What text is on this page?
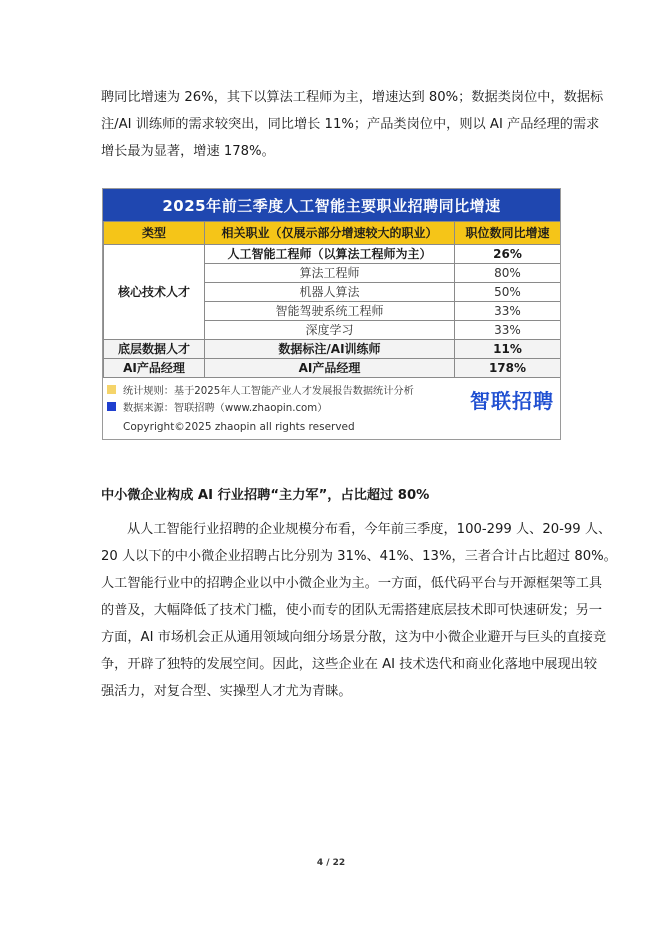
聘同比增速为 26%，其下以算法工程师为主，增速达到 80%；数据类岗位中，数据标
注/AI 训练师的需求较突出，同比增长 11%；产品类岗位中，则以 AI 产品经理的需求
增长最为显著，增速 178%。
2025年前三季度人工智能主要职业招聘同比增速
类型	相关职业（仅展示部分增速较大的职业）	职位数同比增速
核心技术人才	人工智能工程师（以算法工程师为主）	26%
	算法工程师	80%
	机器人算法	50%
	智能驾驶系统工程师	33%
	深度学习	33%
底层数据人才	数据标注/AI训练师	11%
AI产品经理	AI产品经理	178%
统计规则：基于2025年人工智能产业人才发展报告数据统计分析
数据来源：智联招聘（www.zhaopin.com）	智联招聘
Copyright©2025 zhaopin all rights reserved
中小微企业构成 AI 行业招聘“主力军”，占比超过 80%
从人工智能行业招聘的企业规模分布看，今年前三季度，100-299 人、20-99 人、
20 人以下的中小微企业招聘占比分别为 31%、41%、13%，三者合计占比超过 80%。
人工智能行业中的招聘企业以中小微企业为主。一方面，低代码平台与开源框架等工具
的普及，大幅降低了技术门槛，使小而专的团队无需搭建底层技术即可快速研发；另一
方面，AI 市场机会正从通用领域向细分场景分散，这为中小微企业避开与巨头的直接竞
争，开辟了独特的发展空间。因此，这些企业在 AI 技术迭代和商业化落地中展现出较
强活力，对复合型、实操型人才尤为青睐。
4 / 22
